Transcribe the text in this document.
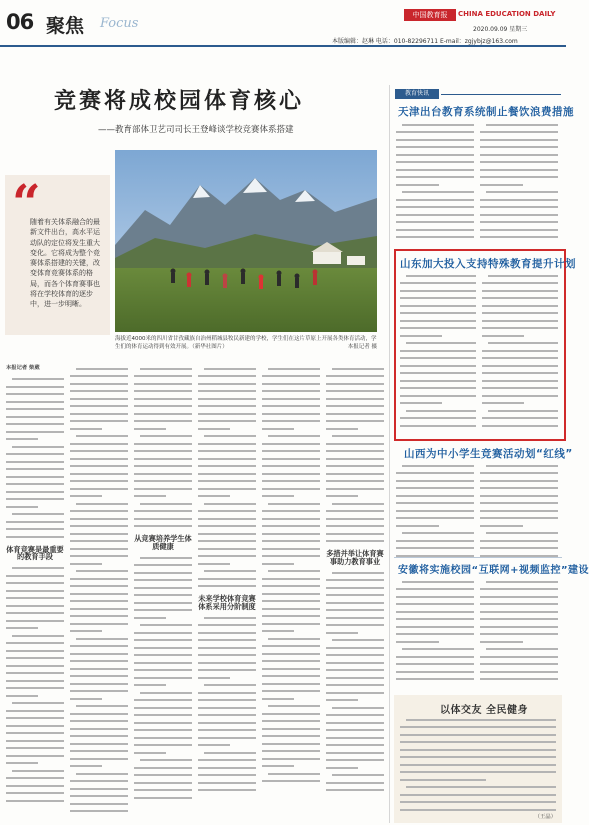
06 聚焦 Focus
中国教育报	CHINA EDUCATION DAILY
2020.09.09 星期三
本版编辑：赵琳 电话：010-82296711 E-mail：zgjybjz@163.com
竞赛将成校园体育核心
——教育部体卫艺司司长王登峰谈学校竞赛体系搭建
“
随着有关体系融合的最新文件出台，高水平运动队的定位将发生重大变化。它将成为整个竞赛体系搭建的关键，改变体育竞赛体系的格局，而各个体育赛事也将在学校体育的逐步中，进一步明晰。
海拔近4000米的四川省甘孜藏族自治州稻城县牧民新建的学校，学生们在这片草原上开展各类体育活动，学生们的体育运动得到有效开展。（新华社图片）	本报记者 摄
本报记者 柴葳
体育竞赛是最重要的教育手段
从竞赛培养学生体质健康
未来学校体育竞赛体系采用分阶制度
多措并举让体育赛事助力教育事业
教育快讯
天津出台教育系统制止餐饮浪费措施
山东加大投入支持特殊教育提升计划
山西为中小学生竞赛活动划“红线”
安徽将实施校园“互联网+视频监控”建设
以体交友 全民健身
（王晶）
